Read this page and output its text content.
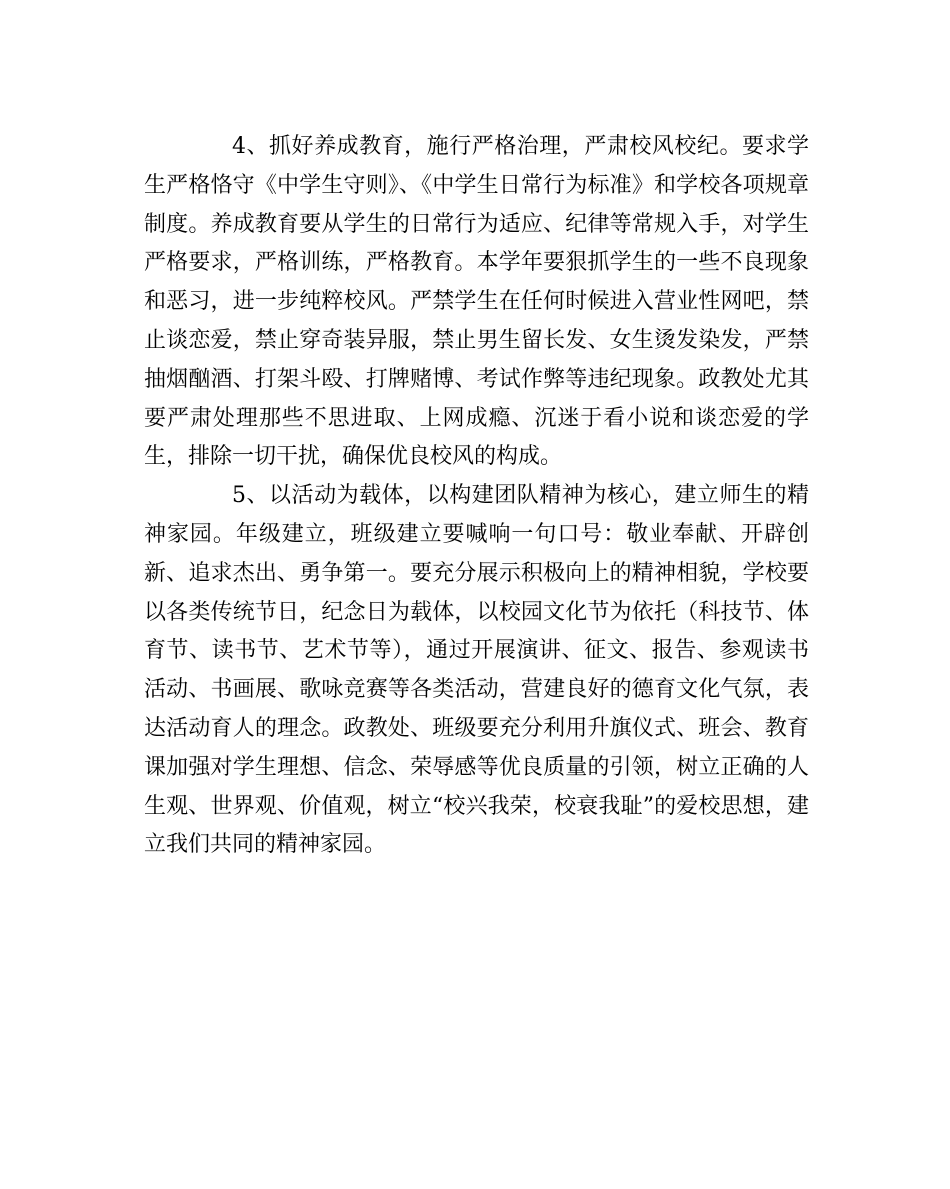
4、抓好养成教育，施行严格治理，严肃校风校纪。要求学生严格恪守《中学生守则》、《中学生日常行为标准》和学校各项规章制度。养成教育要从学生的日常行为适应、纪律等常规入手，对学生严格要求，严格训练，严格教育。本学年要狠抓学生的一些不良现象和恶习，进一步纯粹校风。严禁学生在任何时候进入营业性网吧，禁止谈恋爱，禁止穿奇装异服，禁止男生留长发、女生烫发染发，严禁抽烟酗酒、打架斗殴、打牌赌博、考试作弊等违纪现象。政教处尤其要严肃处理那些不思进取、上网成瘾、沉迷于看小说和谈恋爱的学生，排除一切干扰，确保优良校风的构成。

5、以活动为载体，以构建团队精神为核心，建立师生的精神家园。年级建立，班级建立要喊响一句口号：敬业奉献、开辟创新、追求杰出、勇争第一。要充分展示积极向上的精神相貌，学校要以各类传统节日，纪念日为载体，以校园文化节为依托（科技节、体育节、读书节、艺术节等），通过开展演讲、征文、报告、参观读书活动、书画展、歌咏竞赛等各类活动，营建良好的德育文化气氛，表达活动育人的理念。政教处、班级要充分利用升旗仪式、班会、教育课加强对学生理想、信念、荣辱感等优良质量的引领，树立正确的人生观、世界观、价值观，树立“校兴我荣，校衰我耻”的爱校思想，建立我们共同的精神家园。
